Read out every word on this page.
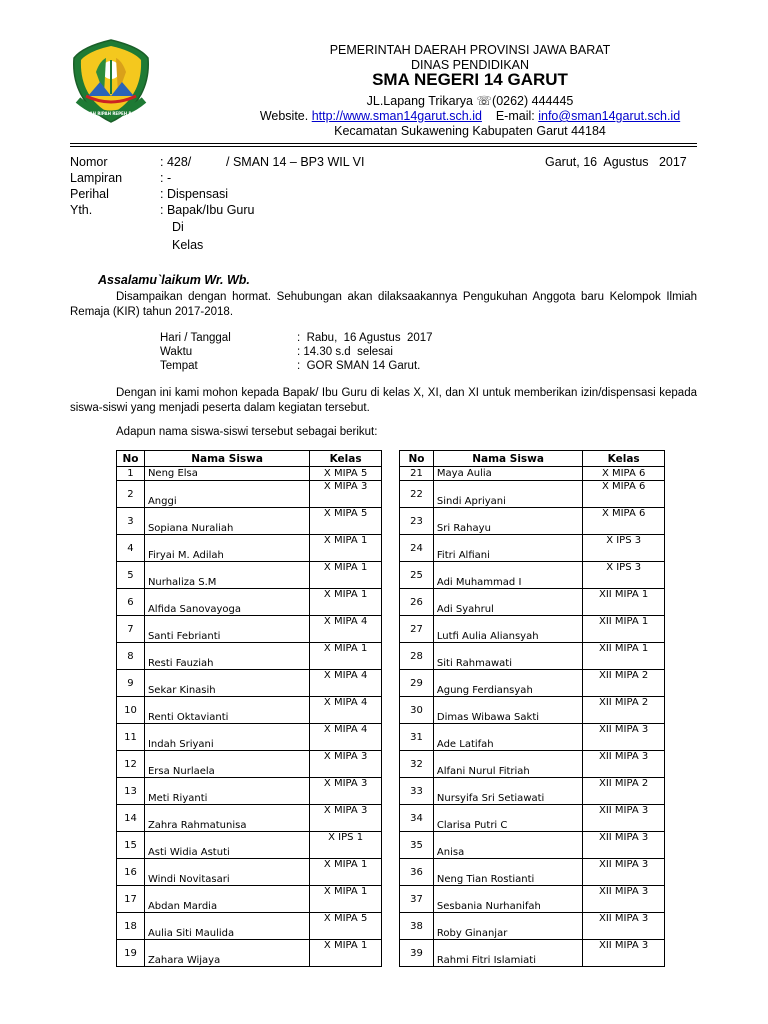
GEMAH RIPAH REPEH RAPIH
PEMERINTAH DAERAH PROVINSI JAWA BARAT
DINAS PENDIDIKAN
SMA NEGERI 14 GARUT
JL.Lapang Trikarya ☏(0262) 444445
Website. http://www.sman14garut.sch.id E-mail: info@sman14garut.sch.id
Kecamatan Sukawening Kabupaten Garut 44184
Nomor	: 428/          / SMAN 14 – BP3 WIL VI	Garut, 16  Agustus   2017
Lampiran	: -
Perihal	: Dispensasi
Yth.	: Bapak/Ibu Guru
Di
Kelas
Assalamu`laikum Wr. Wb.
Disampaikan dengan hormat. Sehubungan akan dilaksaakannya Pengukuhan Anggota baru Kelompok Ilmiah Remaja (KIR) tahun 2017-2018.
Hari / Tanggal	:  Rabu,  16 Agustus  2017
Waktu	: 14.30 s.d  selesai
Tempat	:  GOR SMAN 14 Garut.
Dengan ini kami mohon kepada Bapak/ Ibu Guru di kelas X, XI, dan XI untuk memberikan izin/dispensasi kepada siswa-siswi yang menjadi peserta dalam kegiatan tersebut.
Adapun nama siswa-siswi tersebut sebagai berikut:
No	Nama Siswa	Kelas
1	Neng Elsa	X MIPA 5
2	Anggi	X MIPA 3
3	Sopiana Nuraliah	X MIPA 5
4	Firyai M. Adilah	X MIPA 1
5	Nurhaliza S.M	X MIPA 1
6	Alfida Sanovayoga	X MIPA 1
7	Santi Febrianti	X MIPA 4
8	Resti Fauziah	X MIPA 1
9	Sekar Kinasih	X MIPA 4
10	Renti Oktavianti	X MIPA 4
11	Indah Sriyani	X MIPA 4
12	Ersa Nurlaela	X MIPA 3
13	Meti Riyanti	X MIPA 3
14	Zahra Rahmatunisa	X MIPA 3
15	Asti Widia Astuti	X IPS 1
16	Windi Novitasari	X MIPA 1
17	Abdan Mardia	X MIPA 1
18	Aulia Siti Maulida	X MIPA 5
19	Zahara Wijaya	X MIPA 1
No	Nama Siswa	Kelas
21	Maya Aulia	X MIPA 6
22	Sindi Apriyani	X MIPA 6
23	Sri Rahayu	X MIPA 6
24	Fitri Alfiani	X IPS 3
25	Adi Muhammad I	X IPS 3
26	Adi Syahrul	XII MIPA 1
27	Lutfi Aulia Aliansyah	XII MIPA 1
28	Siti Rahmawati	XII MIPA 1
29	Agung Ferdiansyah	XII MIPA 2
30	Dimas Wibawa Sakti	XII MIPA 2
31	Ade Latifah	XII MIPA 3
32	Alfani Nurul Fitriah	XII MIPA 3
33	Nursyifa Sri Setiawati	XII MIPA 2
34	Clarisa Putri C	XII MIPA 3
35	Anisa	XII MIPA 3
36	Neng Tian Rostianti	XII MIPA 3
37	Sesbania Nurhanifah	XII MIPA 3
38	Roby Ginanjar	XII MIPA 3
39	Rahmi Fitri Islamiati	XII MIPA 3
